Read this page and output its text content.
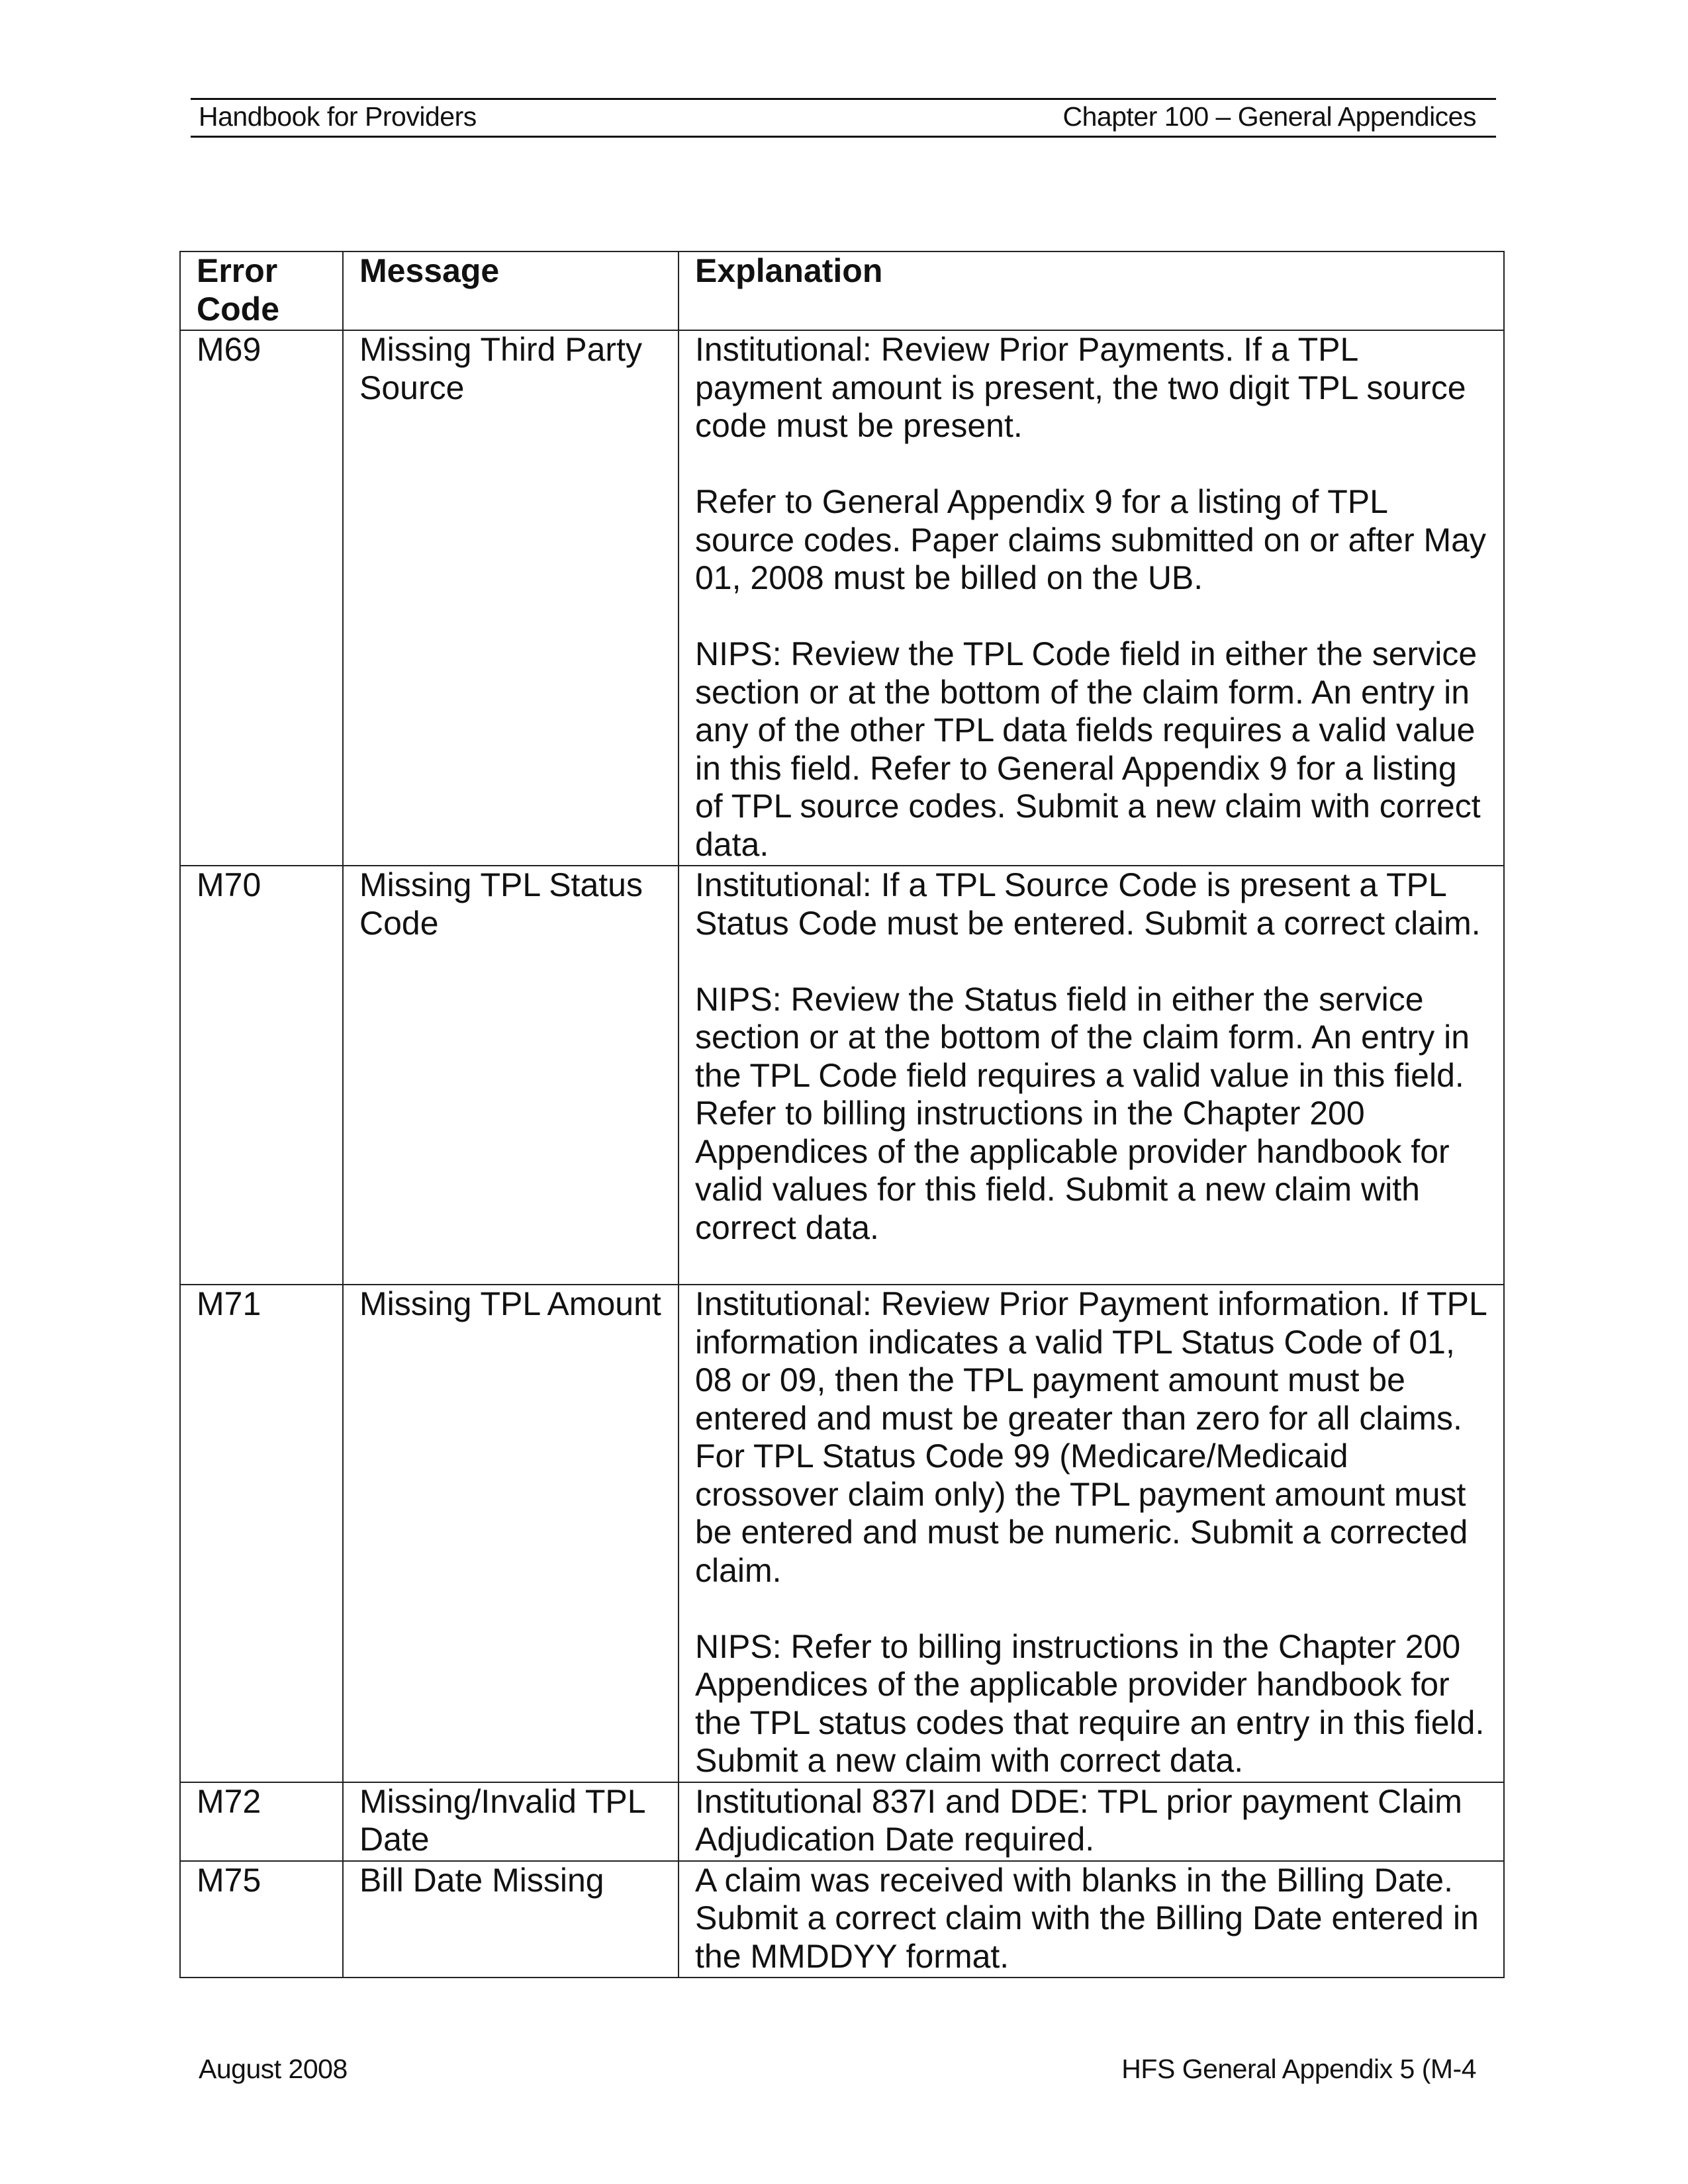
Handbook for Providers	Chapter 100 – General Appendices
Error Code	Message	Explanation
M69	Missing Third Party Source	Institutional: Review Prior Payments. If a TPL payment amount is present, the two digit TPL source code must be present.

Refer to General Appendix 9 for a listing of TPL source codes. Paper claims submitted on or after May 01, 2008 must be billed on the UB.

NIPS: Review the TPL Code field in either the service section or at the bottom of the claim form. An entry in any of the other TPL data fields requires a valid value in this field. Refer to General Appendix 9 for a listing of TPL source codes. Submit a new claim with correct data.

M70	Missing TPL Status Code	Institutional: If a TPL Source Code is present a TPL Status Code must be entered. Submit a correct claim.

NIPS: Review the Status field in either the service section or at the bottom of the claim form. An entry in the TPL Code field requires a valid value in this field. Refer to billing instructions in the Chapter 200 Appendices of the applicable provider handbook for valid values for this field. Submit a new claim with correct data.

M71	Missing TPL Amount	Institutional: Review Prior Payment information. If TPL information indicates a valid TPL Status Code of 01, 08 or 09, then the TPL payment amount must be entered and must be greater than zero for all claims. For TPL Status Code 99 (Medicare/Medicaid crossover claim only) the TPL payment amount must be entered and must be numeric. Submit a corrected claim.

NIPS: Refer to billing instructions in the Chapter 200 Appendices of the applicable provider handbook for the TPL status codes that require an entry in this field. Submit a new claim with correct data.

M72	Missing/Invalid TPL Date	Institutional 837I and DDE: TPL prior payment Claim Adjudication Date required.

M75	Bill Date Missing	A claim was received with blanks in the Billing Date. Submit a correct claim with the Billing Date entered in the MMDDYY format.

August 2008	HFS General Appendix 5 (M-4
